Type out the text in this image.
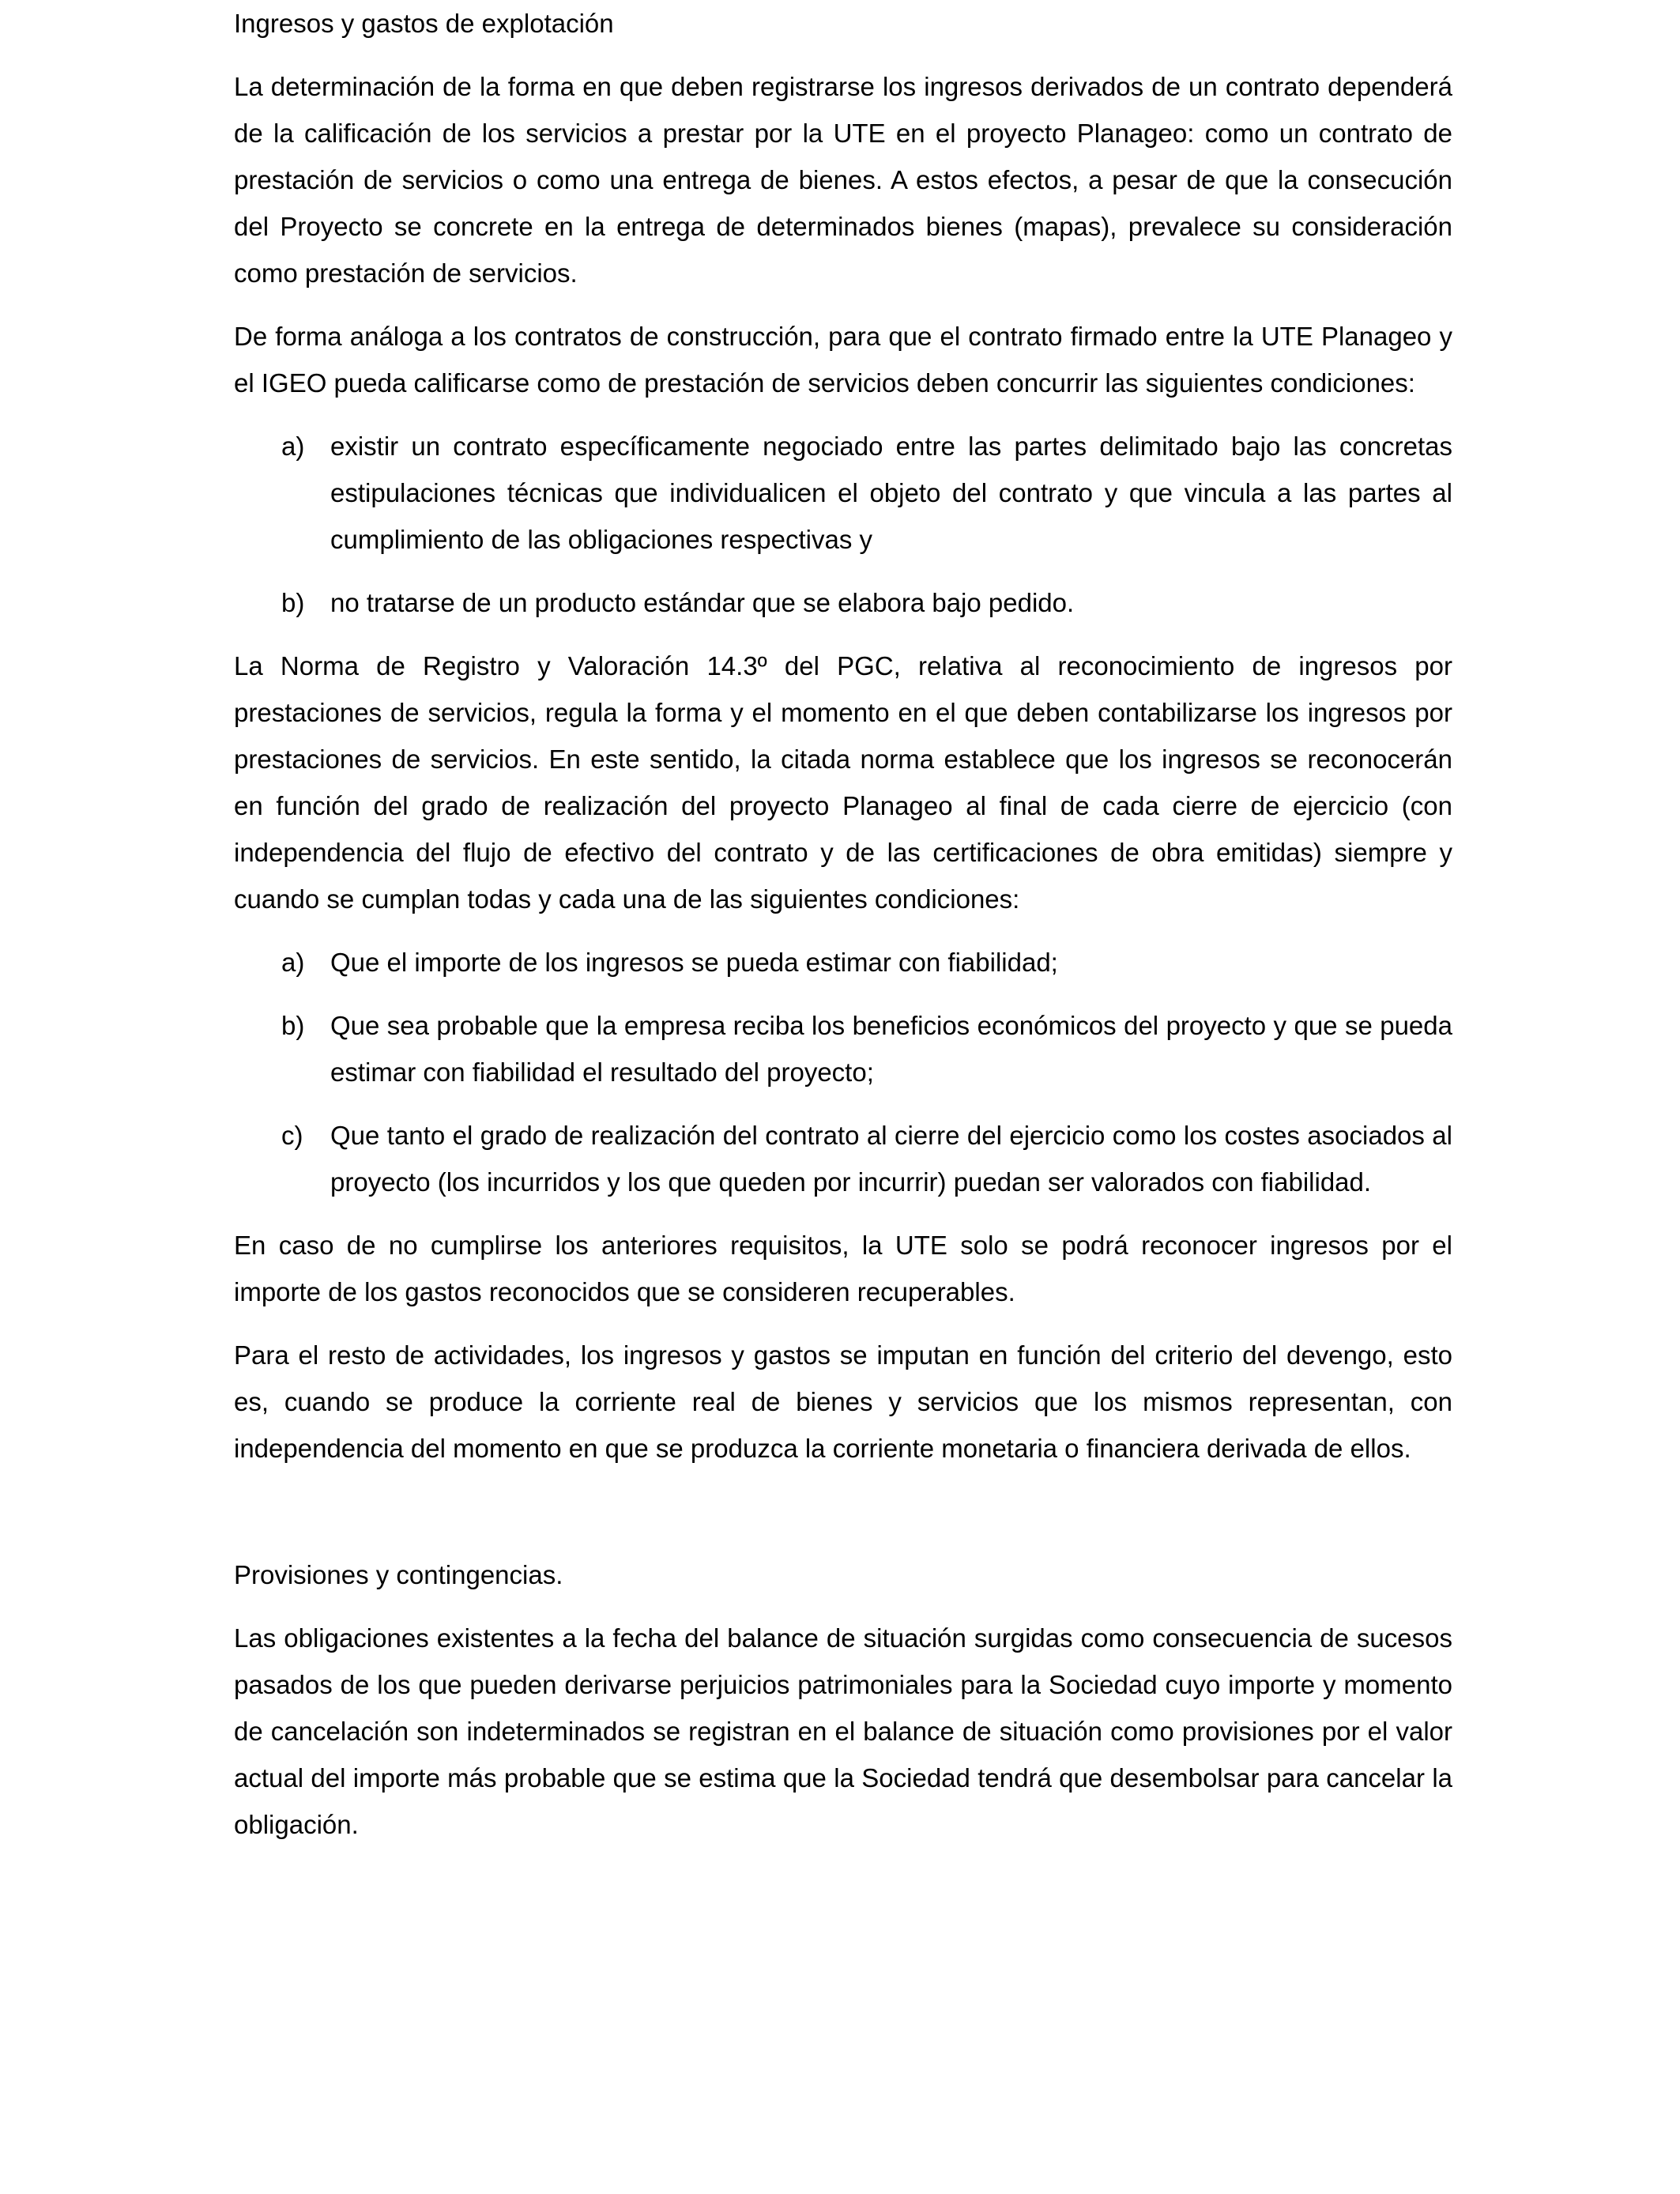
Ingresos y gastos de explotación

La determinación de la forma en que deben registrarse los ingresos derivados de un contrato dependerá de la calificación de los servicios a prestar por la UTE en el proyecto Planageo: como un contrato de prestación de servicios o como una entrega de bienes. A estos efectos, a pesar de que la consecución del Proyecto se concrete en la entrega de determinados bienes (mapas), prevalece su consideración como prestación de servicios.

De forma análoga a los contratos de construcción, para que el contrato firmado entre la UTE Planageo y el IGEO pueda calificarse como de prestación de servicios deben concurrir las siguientes condiciones:

a) existir un contrato específicamente negociado entre las partes delimitado bajo las concretas estipulaciones técnicas que individualicen el objeto del contrato y que vincula a las partes al cumplimiento de las obligaciones respectivas y
b) no tratarse de un producto estándar que se elabora bajo pedido.

La Norma de Registro y Valoración 14.3º del PGC, relativa al reconocimiento de ingresos por prestaciones de servicios, regula la forma y el momento en el que deben contabilizarse los ingresos por prestaciones de servicios. En este sentido, la citada norma establece que los ingresos se reconocerán en función del grado de realización del proyecto Planageo al final de cada cierre de ejercicio (con independencia del flujo de efectivo del contrato y de las certificaciones de obra emitidas) siempre y cuando se cumplan todas y cada una de las siguientes condiciones:

a) Que el importe de los ingresos se pueda estimar con fiabilidad;
b) Que sea probable que la empresa reciba los beneficios económicos del proyecto y que se pueda estimar con fiabilidad el resultado del proyecto;
c) Que tanto el grado de realización del contrato al cierre del ejercicio como los costes asociados al proyecto (los incurridos y los que queden por incurrir) puedan ser valorados con fiabilidad.

En caso de no cumplirse los anteriores requisitos, la UTE solo se podrá reconocer ingresos por el importe de los gastos reconocidos que se consideren recuperables.

Para el resto de actividades, los ingresos y gastos se imputan en función del criterio del devengo, esto es, cuando se produce la corriente real de bienes y servicios que los mismos representan, con independencia del momento en que se produzca la corriente monetaria o financiera derivada de ellos.

Provisiones y contingencias.

Las obligaciones existentes a la fecha del balance de situación surgidas como consecuencia de sucesos pasados de los que pueden derivarse perjuicios patrimoniales para la Sociedad cuyo importe y momento de cancelación son indeterminados se registran en el balance de situación como provisiones por el valor actual del importe más probable que se estima que la Sociedad tendrá que desembolsar para cancelar la obligación.
